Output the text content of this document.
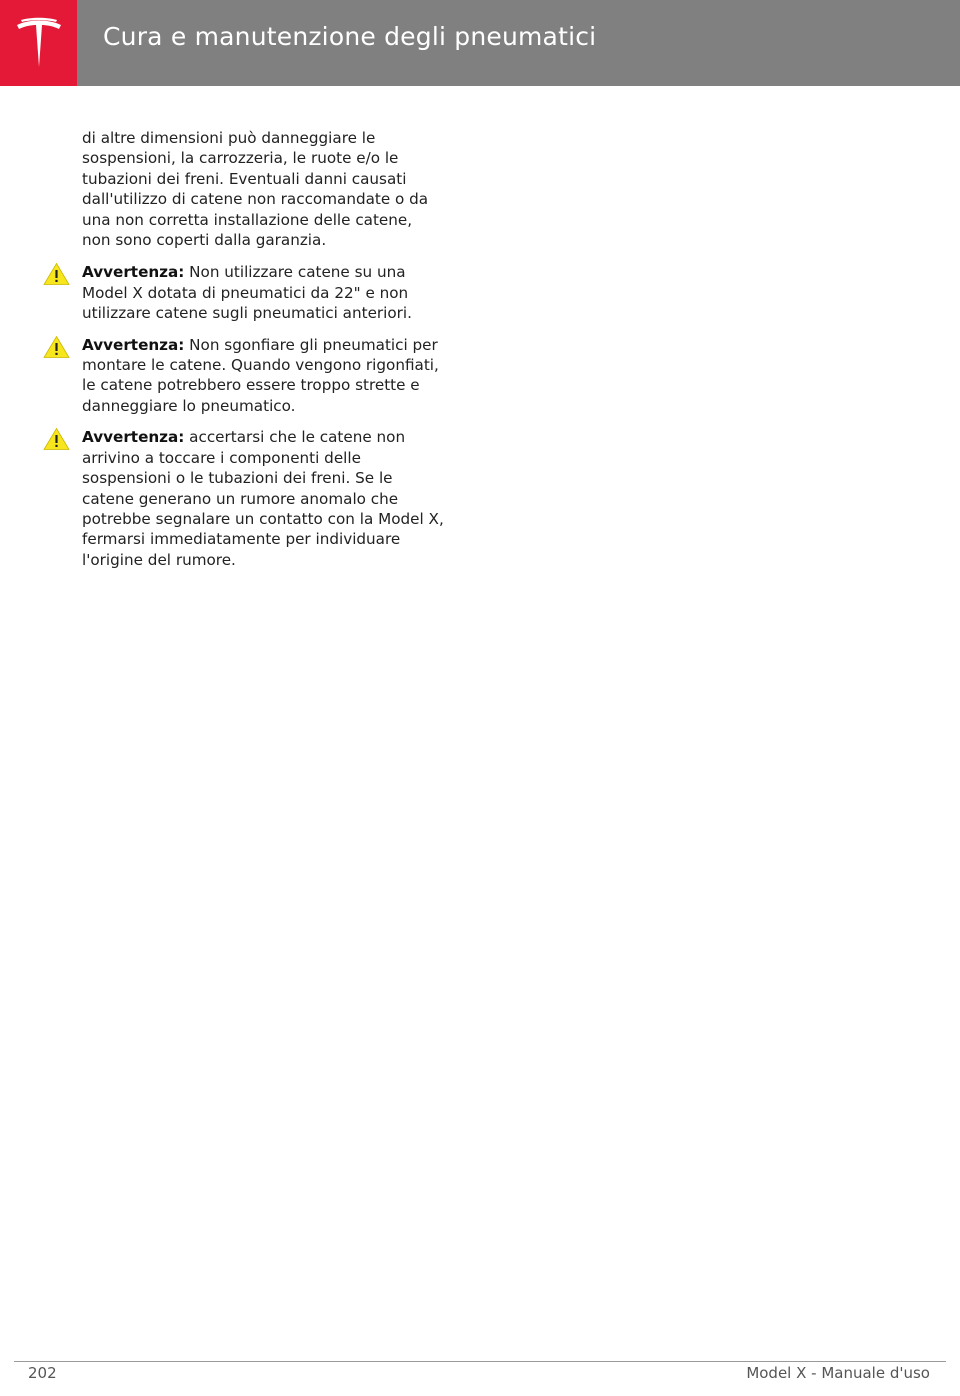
Cura e manutenzione degli pneumatici

di altre dimensioni può danneggiare le sospensioni, la carrozzeria, le ruote e/o le tubazioni dei freni. Eventuali danni causati dall'utilizzo di catene non raccomandate o da una non corretta installazione delle catene, non sono coperti dalla garanzia.

Avvertenza: Non utilizzare catene su una Model X dotata di pneumatici da 22" e non utilizzare catene sugli pneumatici anteriori.
Avvertenza: Non sgonfiare gli pneumatici per montare le catene. Quando vengono rigonfiati, le catene potrebbero essere troppo strette e danneggiare lo pneumatico.
Avvertenza: accertarsi che le catene non arrivino a toccare i componenti delle sospensioni o le tubazioni dei freni. Se le catene generano un rumore anomalo che potrebbe segnalare un contatto con la Model X, fermarsi immediatamente per individuare l'origine del rumore.
202	Model X - Manuale d'uso
